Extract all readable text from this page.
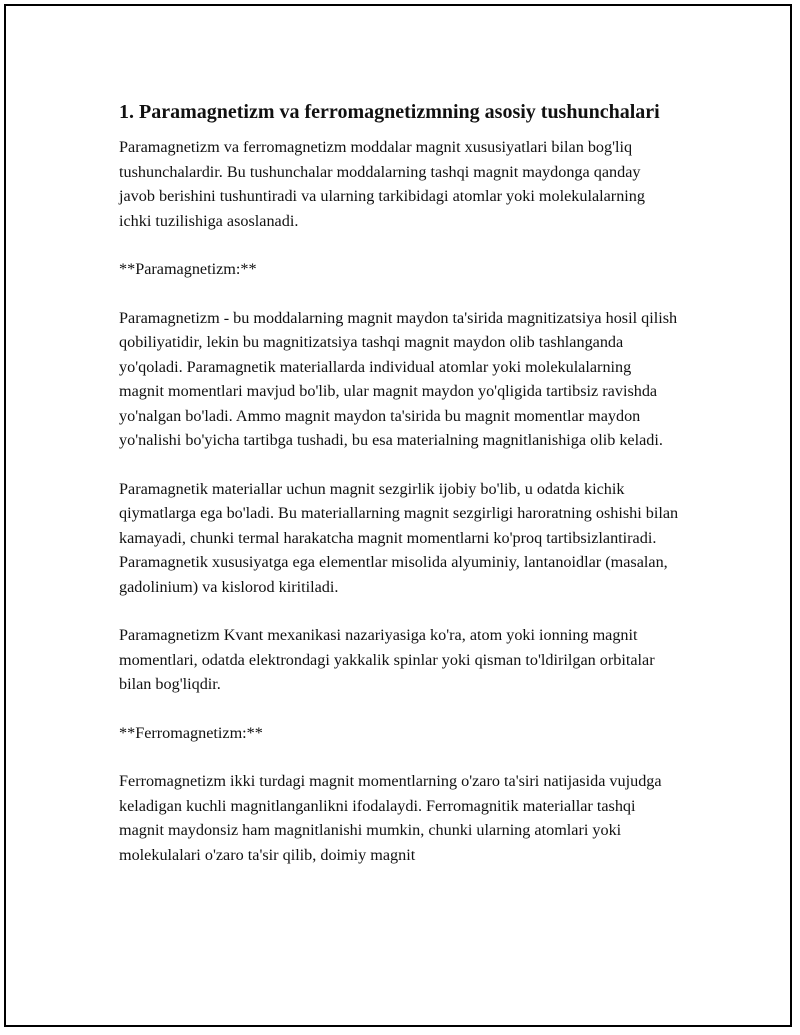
1. Paramagnetizm va ferromagnetizmning asosiy tushunchalari

Paramagnetizm va ferromagnetizm moddalar magnit xususiyatlari bilan bog'liq tushunchalardir. Bu tushunchalar moddalarning tashqi magnit maydonga qanday javob berishini tushuntiradi va ularning tarkibidagi atomlar yoki molekulalarning ichki tuzilishiga asoslanadi.

**Paramagnetizm:**

Paramagnetizm - bu moddalarning magnit maydon ta'sirida magnitizatsiya hosil qilish qobiliyatidir, lekin bu magnitizatsiya tashqi magnit maydon olib tashlanganda yo'qoladi. Paramagnetik materiallarda individual atomlar yoki molekulalarning magnit momentlari mavjud bo'lib, ular magnit maydon yo'qligida tartibsiz ravishda yo'nalgan bo'ladi. Ammo magnit maydon ta'sirida bu magnit momentlar maydon yo'nalishi bo'yicha tartibga tushadi, bu esa materialning magnitlanishiga olib keladi.

Paramagnetik materiallar uchun magnit sezgirlik ijobiy bo'lib, u odatda kichik qiymatlarga ega bo'ladi. Bu materiallarning magnit sezgirligi haroratning oshishi bilan kamayadi, chunki termal harakatcha magnit momentlarni ko'proq tartibsizlantiradi. Paramagnetik xususiyatga ega elementlar misolida alyuminiy, lantanoidlar (masalan, gadolinium) va kislorod kiritiladi.

Paramagnetizm Kvant mexanikasi nazariyasiga ko'ra, atom yoki ionning magnit momentlari, odatda elektrondagi yakkalik spinlar yoki qisman to'ldirilgan orbitalar bilan bog'liqdir.

**Ferromagnetizm:**

Ferromagnetizm ikki turdagi magnit momentlarning o'zaro ta'siri natijasida vujudga keladigan kuchli magnitlanganlikni ifodalaydi. Ferromagnitik materiallar tashqi magnit maydonsiz ham magnitlanishi mumkin, chunki ularning atomlari yoki molekulalari o'zaro ta'sir qilib, doimiy magnit
